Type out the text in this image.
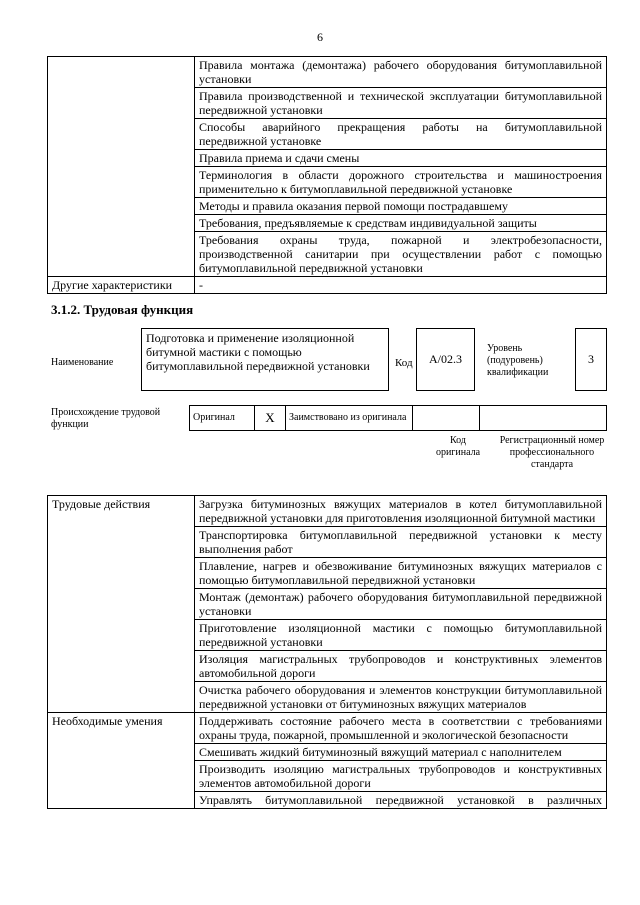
6
	Правила монтажа (демонтажа) рабочего оборудования битумоплавильной установки
	Правила производственной и технической эксплуатации битумоплавильной передвижной установки
	Способы аварийного прекращения работы на битумоплавильной передвижной установке
	Правила приема и сдачи смены
	Терминология в области дорожного строительства и машиностроения применительно к битумоплавильной передвижной установке
	Методы и правила оказания первой помощи пострадавшему
	Требования, предъявляемые к средствам индивидуальной защиты
	Требования охраны труда, пожарной и электробезопасности, производственной санитарии при осуществлении работ с помощью битумоплавильной передвижной установки
Другие характеристики	-
3.1.2. Трудовая функция
Наименование
Подготовка и применение изоляционной битумной мастики с помощью битумоплавильной передвижной установки	Код	А/02.3
Уровень (подуровень) квалификации
3
Происхождение трудовой функции
Оригинал	X	Заимствовано из оригинала		
Код оригинала
Регистрационный номер профессионального стандарта
Трудовые действия	Загрузка битуминозных вяжущих материалов в котел битумоплавильной передвижной установки для приготовления изоляционной битумной мастики
	Транспортировка битумоплавильной передвижной установки к месту выполнения работ
	Плавление, нагрев и обезвоживание битуминозных вяжущих материалов с помощью битумоплавильной передвижной установки
	Монтаж (демонтаж) рабочего оборудования битумоплавильной передвижной установки
	Приготовление изоляционной мастики с помощью битумоплавильной передвижной установки
	Изоляция магистральных трубопроводов и конструктивных элементов автомобильной дороги
	Очистка рабочего оборудования и элементов конструкции битумоплавильной передвижной установки от битуминозных вяжущих материалов
Необходимые умения	Поддерживать состояние рабочего места в соответствии с требованиями охраны труда, пожарной, промышленной и экологической безопасности
	Смешивать жидкий битуминозный вяжущий материал с наполнителем
	Производить изоляцию магистральных трубопроводов и конструктивных элементов автомобильной дороги
	Управлять битумоплавильной передвижной установкой в различных
